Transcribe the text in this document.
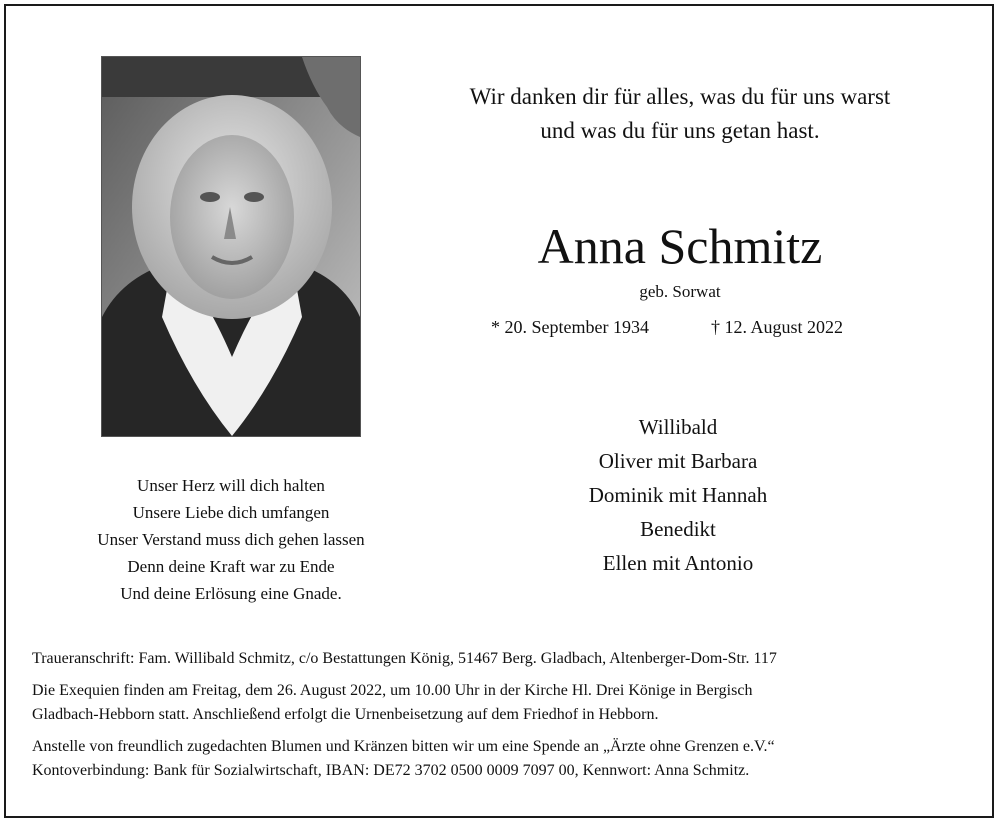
Wir danken dir für alles, was du für uns warst
und was du für uns getan hast.
Anna Schmitz
geb. Sorwat
* 20. September 1934	† 12. August 2022
Willibald
Oliver mit Barbara
Dominik mit Hannah
Benedikt
Ellen mit Antonio
Unser Herz will dich halten
Unsere Liebe dich umfangen
Unser Verstand muss dich gehen lassen
Denn deine Kraft war zu Ende
Und deine Erlösung eine Gnade.
Traueranschrift: Fam. Willibald Schmitz, c/o Bestattungen König, 51467 Berg. Gladbach, Altenberger-Dom-Str. 117
Die Exequien finden am Freitag, dem 26. August 2022, um 10.00 Uhr in der Kirche Hl. Drei Könige in Bergisch
Gladbach-Hebborn statt. Anschließend erfolgt die Urnenbeisetzung auf dem Friedhof in Hebborn.
Anstelle von freundlich zugedachten Blumen und Kränzen bitten wir um eine Spende an „Ärzte ohne Grenzen e.V.“
Kontoverbindung: Bank für Sozialwirtschaft, IBAN: DE72 3702 0500 0009 7097 00, Kennwort: Anna Schmitz.
